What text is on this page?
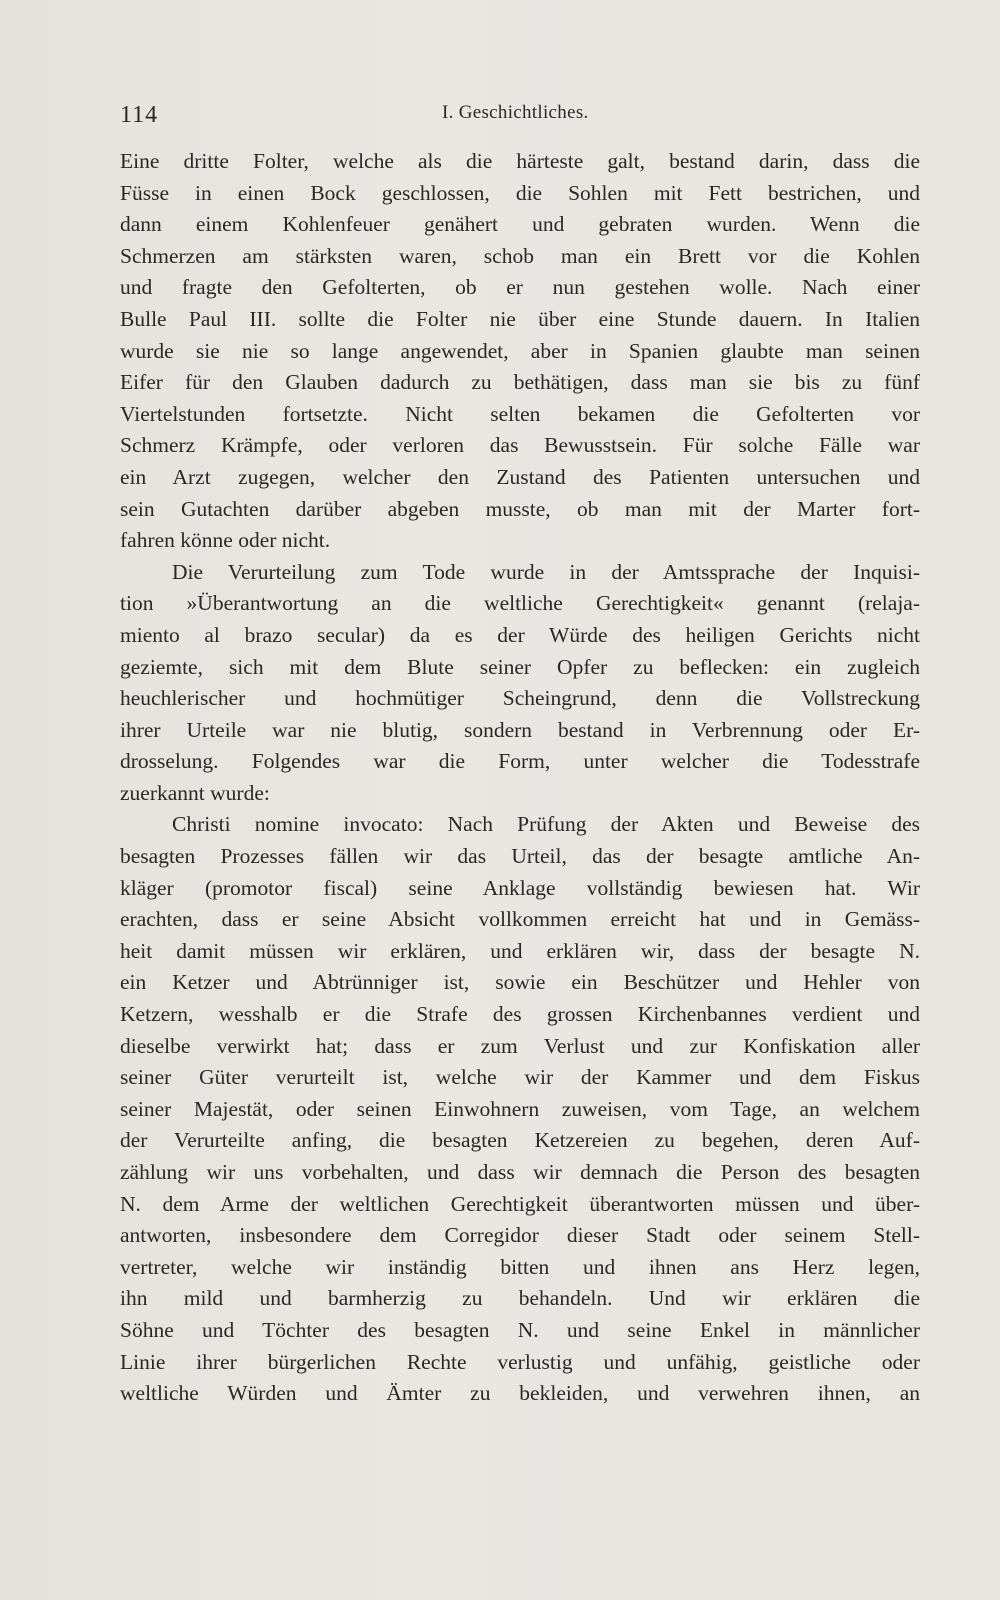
114	I. Geschichtliches.
Eine dritte Folter, welche als die härteste galt, bestand darin, dass die
Füsse in einen Bock geschlossen, die Sohlen mit Fett bestrichen, und
dann einem Kohlenfeuer genähert und gebraten wurden. Wenn die
Schmerzen am stärksten waren, schob man ein Brett vor die Kohlen
und fragte den Gefolterten, ob er nun gestehen wolle. Nach einer
Bulle Paul III. sollte die Folter nie über eine Stunde dauern. In Italien
wurde sie nie so lange angewendet, aber in Spanien glaubte man seinen
Eifer für den Glauben dadurch zu bethätigen, dass man sie bis zu fünf
Viertelstunden fortsetzte. Nicht selten bekamen die Gefolterten vor
Schmerz Krämpfe, oder verloren das Bewusstsein. Für solche Fälle war
ein Arzt zugegen, welcher den Zustand des Patienten untersuchen und
sein Gutachten darüber abgeben musste, ob man mit der Marter fort-
fahren könne oder nicht.
Die Verurteilung zum Tode wurde in der Amtssprache der Inquisi-
tion »Überantwortung an die weltliche Gerechtigkeit« genannt (relaja-
miento al brazo secular) da es der Würde des heiligen Gerichts nicht
geziemte, sich mit dem Blute seiner Opfer zu beflecken: ein zugleich
heuchlerischer und hochmütiger Scheingrund, denn die Vollstreckung
ihrer Urteile war nie blutig, sondern bestand in Verbrennung oder Er-
drosselung. Folgendes war die Form, unter welcher die Todesstrafe
zuerkannt wurde:
Christi nomine invocato: Nach Prüfung der Akten und Beweise des
besagten Prozesses fällen wir das Urteil, das der besagte amtliche An-
kläger (promotor fiscal) seine Anklage vollständig bewiesen hat. Wir
erachten, dass er seine Absicht vollkommen erreicht hat und in Gemäss-
heit damit müssen wir erklären, und erklären wir, dass der besagte N.
ein Ketzer und Abtrünniger ist, sowie ein Beschützer und Hehler von
Ketzern, wesshalb er die Strafe des grossen Kirchenbannes verdient und
dieselbe verwirkt hat; dass er zum Verlust und zur Konfiskation aller
seiner Güter verurteilt ist, welche wir der Kammer und dem Fiskus
seiner Majestät, oder seinen Einwohnern zuweisen, vom Tage, an welchem
der Verurteilte anfing, die besagten Ketzereien zu begehen, deren Auf-
zählung wir uns vorbehalten, und dass wir demnach die Person des besagten
N. dem Arme der weltlichen Gerechtigkeit überantworten müssen und über-
antworten, insbesondere dem Corregidor dieser Stadt oder seinem Stell-
vertreter, welche wir inständig bitten und ihnen ans Herz legen,
ihn mild und barmherzig zu behandeln. Und wir erklären die
Söhne und Töchter des besagten N. und seine Enkel in männlicher
Linie ihrer bürgerlichen Rechte verlustig und unfähig, geistliche oder
weltliche Würden und Ämter zu bekleiden, und verwehren ihnen, an
